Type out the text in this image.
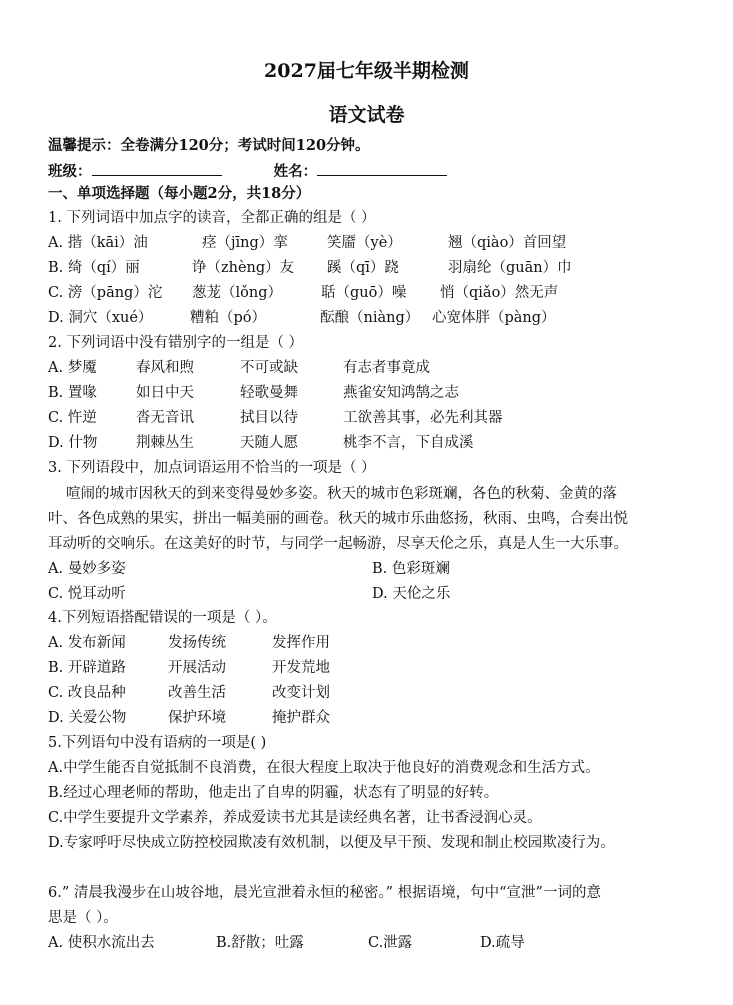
2027届七年级半期检测
语文试卷
温馨提示：全卷满分120分；考试时间120分钟。
班级：	姓名：
一、单项选择题（每小题2分，共18分）
1. 下列词语中加点字的读音，全都正确的组是（ ）
A. 揩（kāi）油	痉（jīng）挛	笑靥（yè）	翘（qiào）首回望
B. 绮（qí）丽	诤（zhèng）友 蹊（qī）跷	羽扇纶（guān）巾
C. 滂（pāng）沱 葱茏（lǒng）	聒（guō）噪 悄（qiǎo）然无声
D. 洞穴（xué）	糟粕（pó）	酝酿（niàng） 心宽体胖（pàng）
2. 下列词语中没有错别字的一组是（ ）
A. 梦魇	春风和煦	不可或缺	有志者事竟成
B. 置喙	如日中天	轻歌曼舞	燕雀安知鸿鹄之志
C. 忤逆	沓无音讯	拭目以待	工欲善其事，必先利其器
D. 什物	荆棘丛生	天随人愿	桃李不言，下自成溪
3. 下列语段中，加点词语运用不恰当的一项是（ ）
喧闹的城市因秋天的到来变得曼妙多姿。秋天的城市色彩斑斓，各色的秋菊、金黄的落
叶、各色成熟的果实，拼出一幅美丽的画卷。秋天的城市乐曲悠扬，秋雨、虫鸣，合奏出悦
耳动听的交响乐。在这美好的时节，与同学一起畅游，尽享天伦之乐，真是人生一大乐事。
A. 曼妙多姿	B. 色彩斑斓
C. 悦耳动听	D. 天伦之乐
4.下列短语搭配错误的一项是（ ）。
A. 发布新闻	发扬传统	发挥作用
B. 开辟道路	开展活动	开发荒地
C. 改良品种	改善生活	改变计划
D. 关爱公物	保护环境	掩护群众
5.下列语句中没有语病的一项是( )
A.中学生能否自觉抵制不良消费，在很大程度上取决于他良好的消费观念和生活方式。
B.经过心理老师的帮助，他走出了自卑的阴霾，状态有了明显的好转。
C.中学生要提升文学素养，养成爱读书尤其是读经典名著，让书香浸润心灵。
D.专家呼吁尽快成立防控校园欺凌有效机制，以便及早干预、发现和制止校园欺凌行为。
6.” 清晨我漫步在山坡谷地，晨光宣泄着永恒的秘密。” 根据语境，句中“宣泄”一词的意
思是（ ）。
A. 使积水流出去	B.舒散；吐露	C.泄露	D.疏导
